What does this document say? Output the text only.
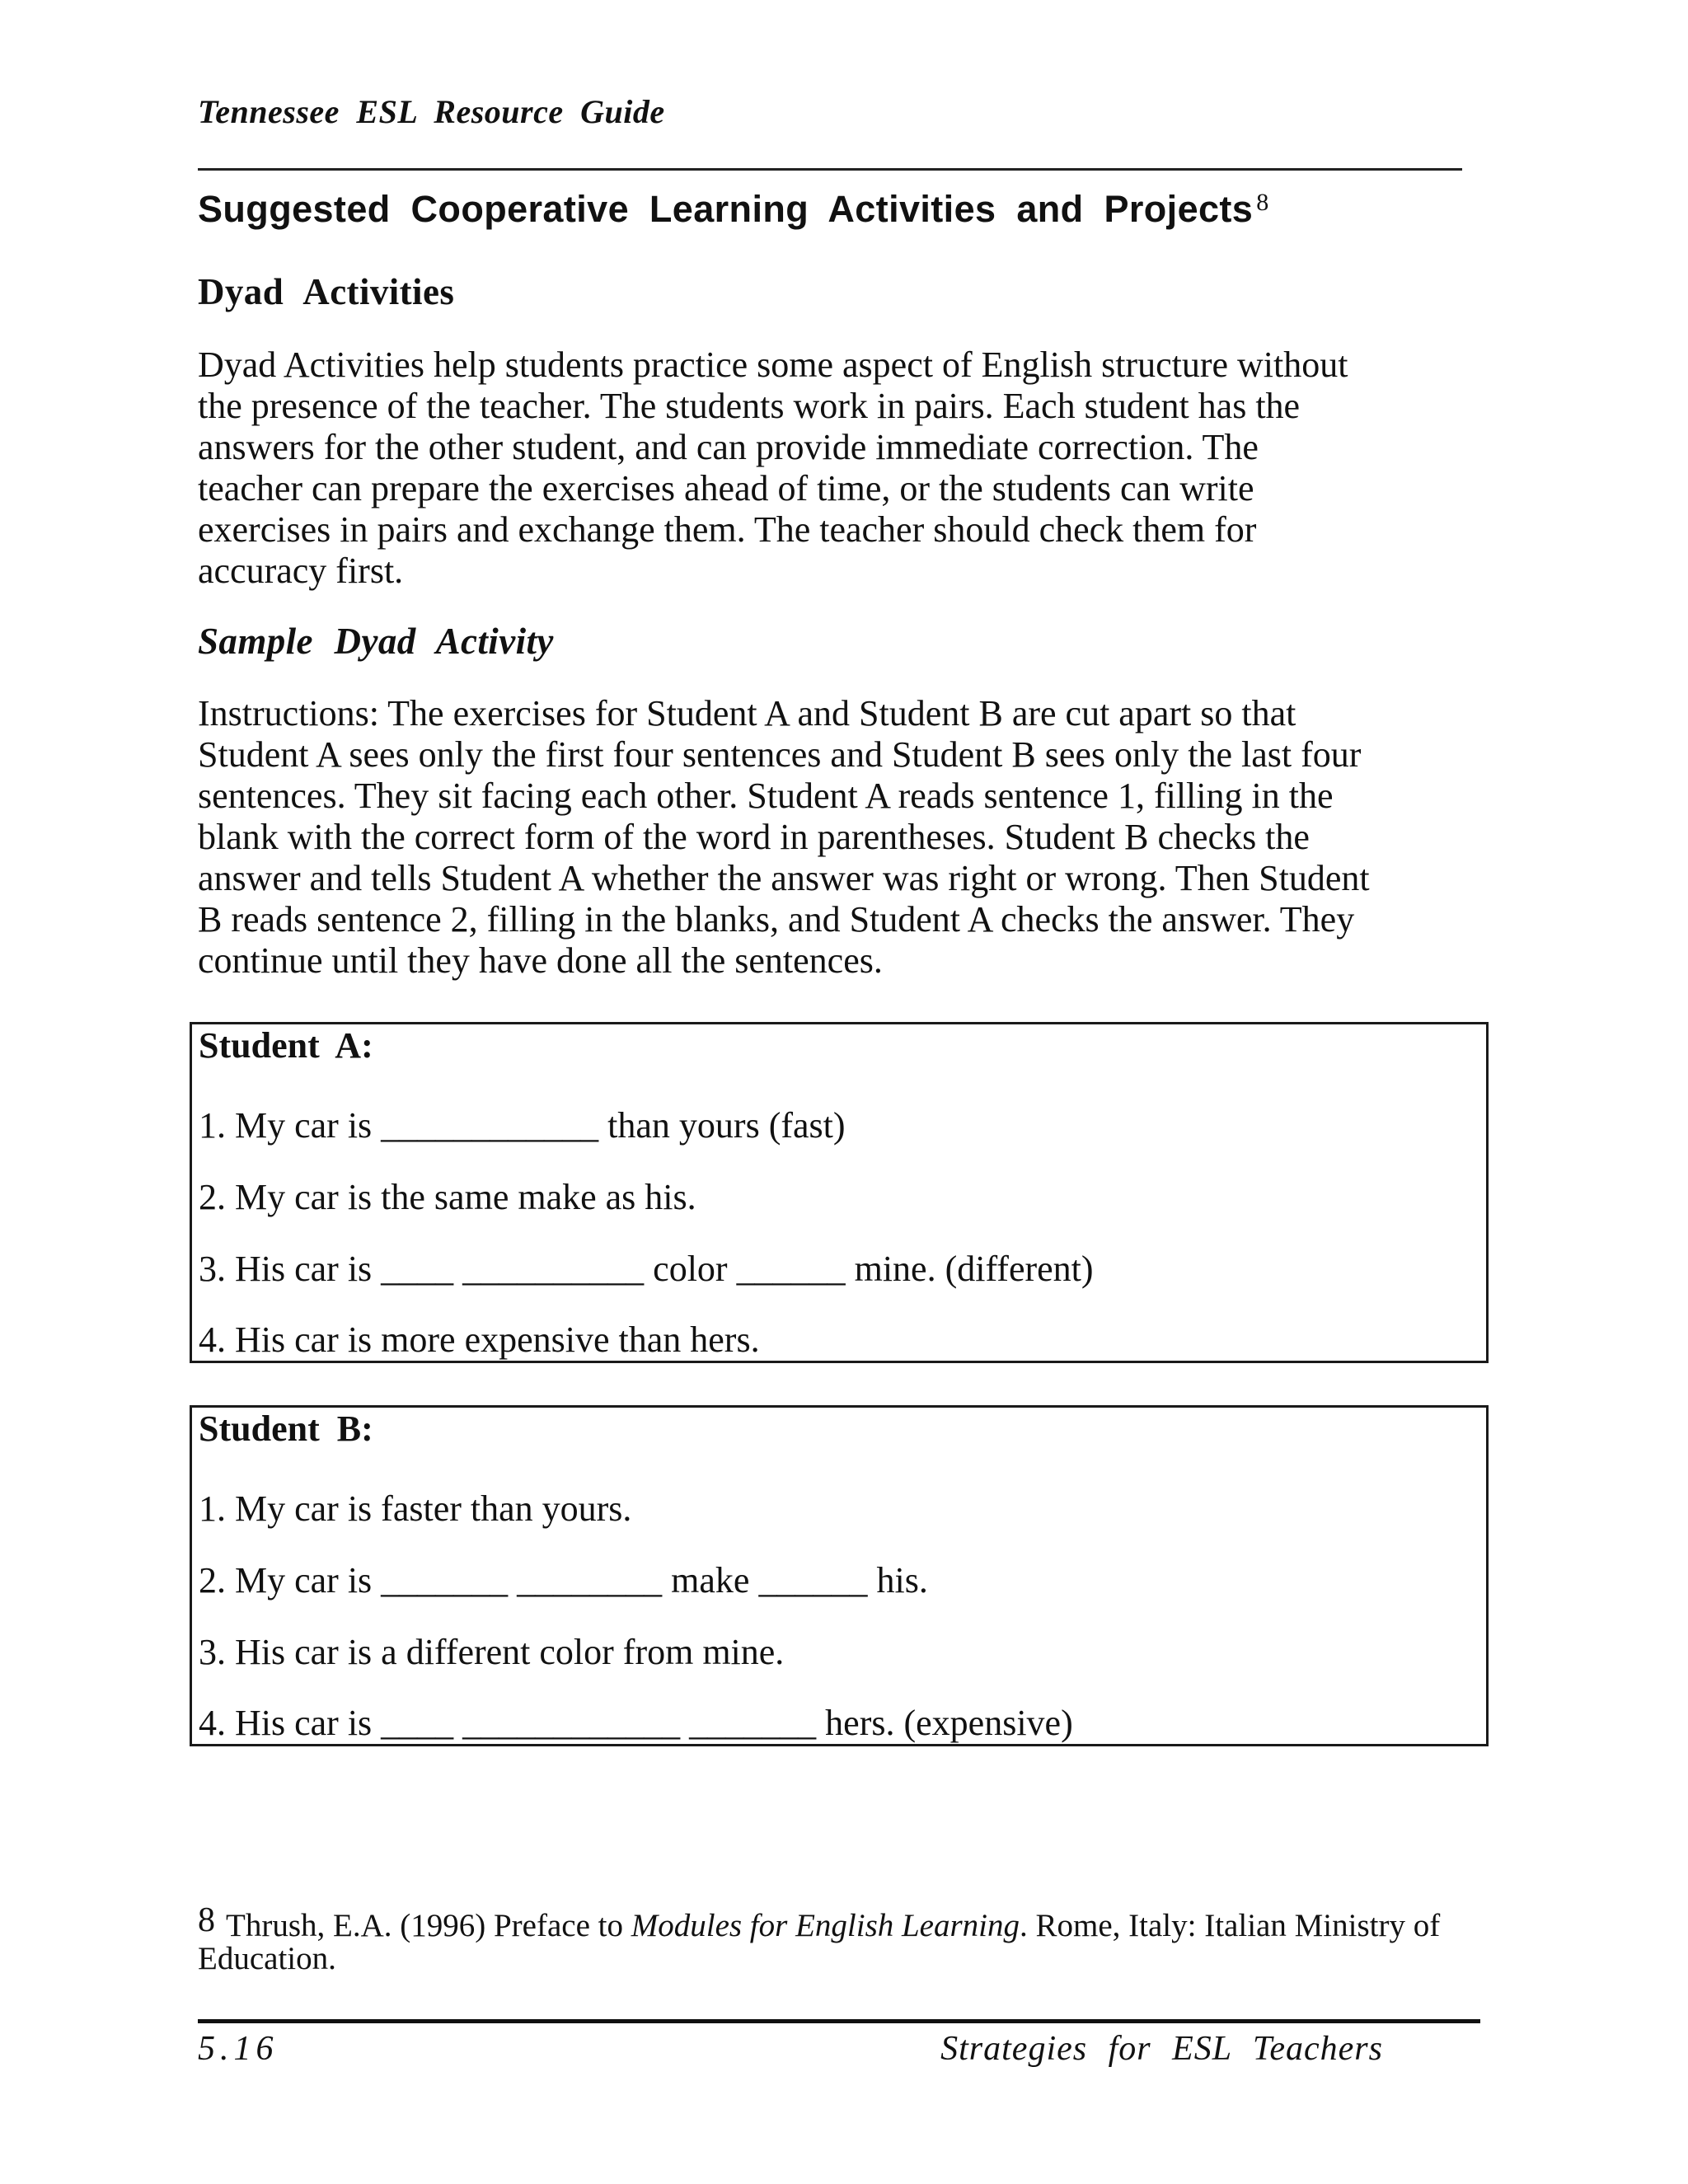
Tennessee ESL Resource Guide
Suggested Cooperative Learning Activities and Projects $^8$
Dyad Activities
Dyad Activities help students practice some aspect of English structure without
the presence of the teacher. The students work in pairs. Each student has the
answers for the other student, and can provide immediate correction. The
teacher can prepare the exercises ahead of time, or the students can write
exercises in pairs and exchange them. The teacher should check them for
accuracy first.
Sample Dyad Activity
Instructions: The exercises for Student A and Student B are cut apart so that
Student A sees only the first four sentences and Student B sees only the last four
sentences. They sit facing each other. Student A reads sentence 1, filling in the
blank with the correct form of the word in parentheses. Student B checks the
answer and tells Student A whether the answer was right or wrong. Then Student
B reads sentence 2, filling in the blanks, and Student A checks the answer. They
continue until they have done all the sentences.
Student A:
1. My car is ____________ than yours (fast)
2. My car is the same make as his.
3. His car is ____ __________ color ______ mine. (different)
4. His car is more expensive than hers.
Student B:
1. My car is faster than yours.
2. My car is _______ ________ make ______ his.
3. His car is a different color from mine.
4. His car is ____ ____________ _______ hers. (expensive)
8 Thrush, E.A. (1996) Preface to Modules for English Learning. Rome, Italy: Italian Ministry of
Education.
5.16	Strategies for ESL Teachers
